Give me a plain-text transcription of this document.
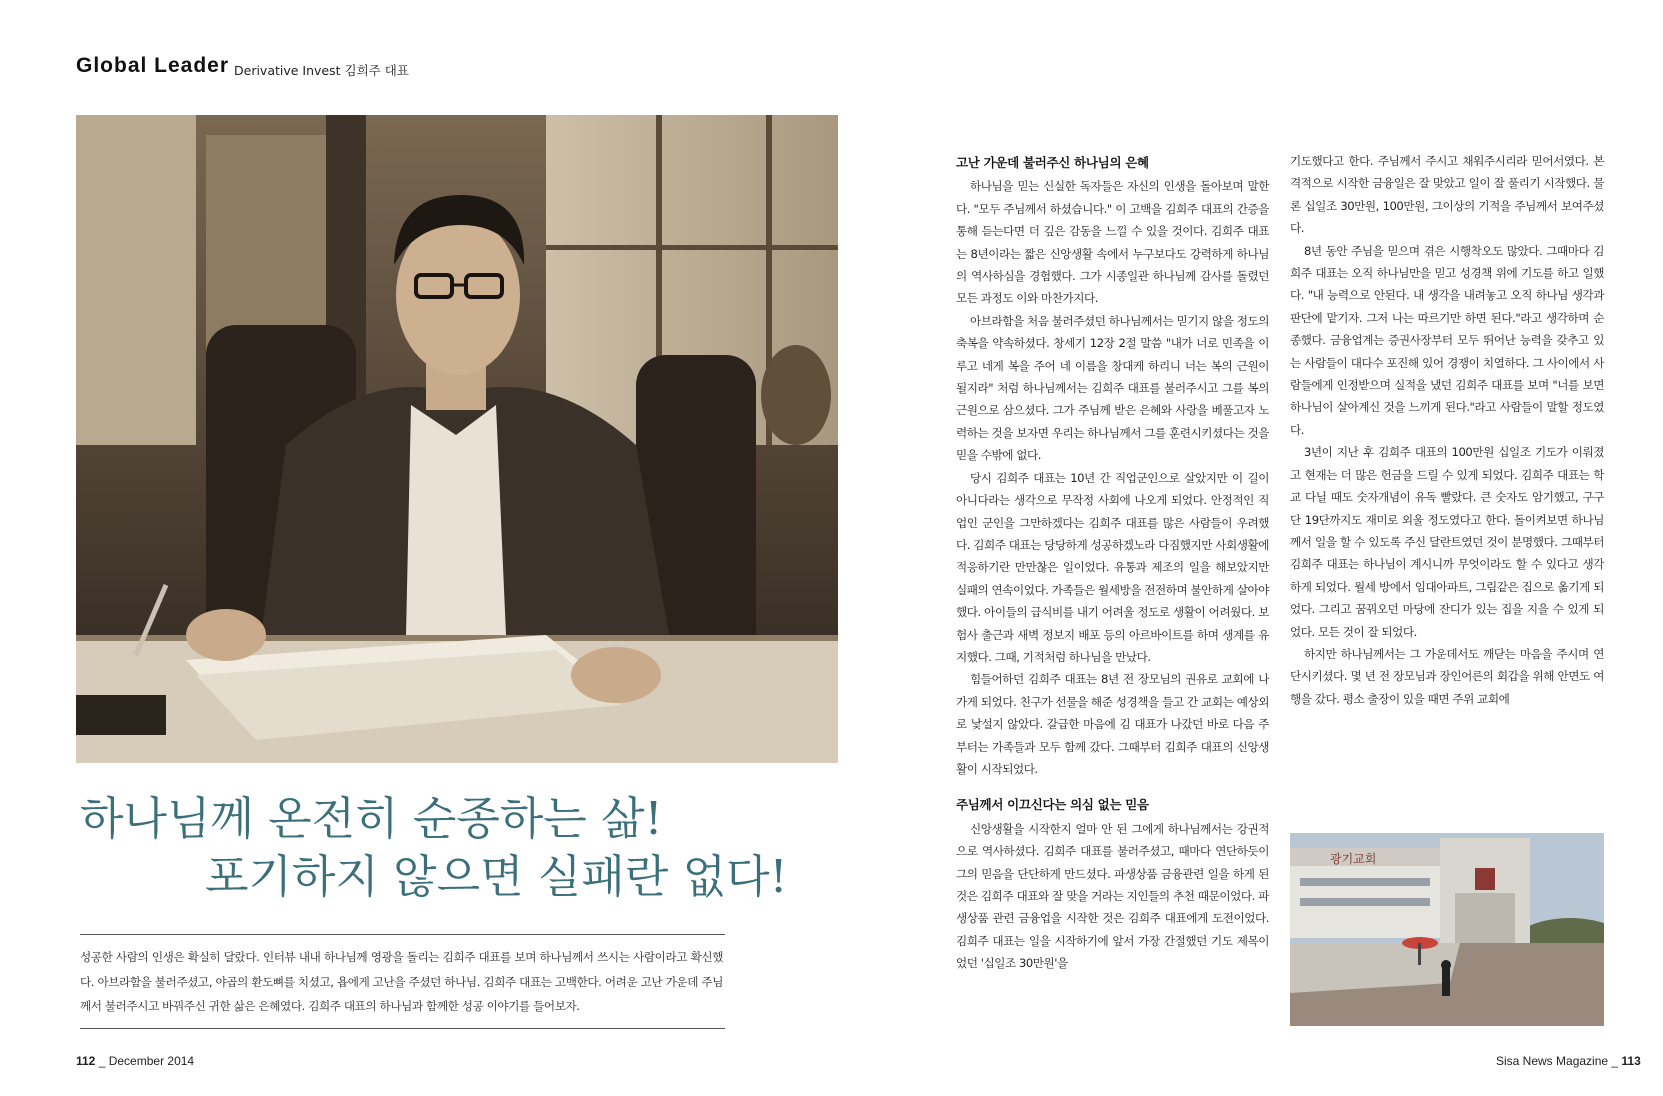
Global Leader Derivative Invest 김희주 대표
하나님께 온전히 순종하는 삶!
포기하지 않으면 실패란 없다!
성공한 사람의 인생은 확실히 달랐다. 인터뷰 내내 하나님께 영광을 돌리는 김희주 대표를 보며 하나님께서 쓰시는 사람이라고 확신했다. 아브라함을 불러주셨고, 야곱의 환도뼈를 치셨고, 욥에게 고난을 주셨던 하나님. 김희주 대표는 고백한다. 어려운 고난 가운데 주님께서 불러주시고 바꿔주신 귀한 삶은 은혜였다. 김희주 대표의 하나님과 함께한 성공 이야기를 들어보자.
112 _ December 2014	Sisa News Magazine _ 113
고난 가운데 불러주신 하나님의 은혜

하나님을 믿는 신실한 독자들은 자신의 인생을 돌아보며 말한다. "모두 주님께서 하셨습니다." 이 고백을 김희주 대표의 간증을 통해 듣는다면 더 깊은 감동을 느낄 수 있을 것이다. 김희주 대표는 8년이라는 짧은 신앙생활 속에서 누구보다도 강력하게 하나님의 역사하심을 경험했다. 그가 시종일관 하나님께 감사를 돌렸던 모든 과정도 이와 마찬가지다.

아브라함을 처음 불러주셨던 하나님께서는 믿기지 않을 정도의 축복을 약속하셨다. 창세기 12장 2절 말씀 "내가 너로 민족을 이루고 네게 복을 주어 네 이름을 창대케 하리니 너는 복의 근원이 될지라" 처럼 하나님께서는 김희주 대표를 불러주시고 그를 복의 근원으로 삼으셨다. 그가 주님께 받은 은혜와 사랑을 베풀고자 노력하는 것을 보자면 우리는 하나님께서 그를 훈련시키셨다는 것을 믿을 수밖에 없다.

당시 김희주 대표는 10년 간 직업군인으로 살았지만 이 길이 아니다라는 생각으로 무작정 사회에 나오게 되었다. 안정적인 직업인 군인을 그만하겠다는 김희주 대표를 많은 사람들이 우려했다. 김희주 대표는 당당하게 성공하겠노라 다짐했지만 사회생활에 적응하기란 만만찮은 일이었다. 유통과 제조의 일을 해보았지만 실패의 연속이었다. 가족들은 월세방을 전전하며 불안하게 살아야했다. 아이들의 급식비를 내기 어려울 정도로 생활이 어려웠다. 보험사 출근과 새벽 정보지 배포 등의 아르바이트를 하며 생계를 유지했다. 그때, 기적처럼 하나님을 만났다.

힘들어하던 김희주 대표는 8년 전 장모님의 권유로 교회에 나가게 되었다. 친구가 선물을 해준 성경책을 들고 간 교회는 예상외로 낯설지 않았다. 갈급한 마음에 김 대표가 나갔던 바로 다음 주부터는 가족들과 모두 함께 갔다. 그때부터 김희주 대표의 신앙생활이 시작되었다.

주님께서 이끄신다는 의심 없는 믿음

신앙생활을 시작한지 얼마 안 된 그에게 하나님께서는 강권적으로 역사하셨다. 김희주 대표를 불러주셨고, 때마다 연단하듯이 그의 믿음을 단단하게 만드셨다. 파생상품 금융관련 일을 하게 된 것은 김희주 대표와 잘 맞을 거라는 지인들의 추천 때문이었다. 파생상품 관련 금융업을 시작한 것은 김희주 대표에게 도전이었다. 김희주 대표는 일을 시작하기에 앞서 가장 간절했던 기도 제목이었던 '십일조 30만원'을

기도했다고 한다. 주님께서 주시고 채워주시리라 믿어서였다. 본격적으로 시작한 금융일은 잘 맞았고 일이 잘 풀리기 시작했다. 물론 십일조 30만원, 100만원, 그이상의 기적을 주님께서 보여주셨다.

8년 동안 주님을 믿으며 겪은 시행착오도 많았다. 그때마다 김희주 대표는 오직 하나님만을 믿고 성경책 위에 기도를 하고 일했다. "내 능력으로 안된다. 내 생각을 내려놓고 오직 하나님 생각과 판단에 맡기자. 그저 나는 따르기만 하면 된다."라고 생각하며 순종했다. 금융업계는 증권사장부터 모두 뛰어난 능력을 갖추고 있는 사람들이 대다수 포진해 있어 경쟁이 치열하다. 그 사이에서 사람들에게 인정받으며 실적을 냈던 김희주 대표를 보며 "너를 보면 하나님이 살아계신 것을 느끼게 된다."라고 사람들이 말할 정도였다.

3년이 지난 후 김희주 대표의 100만원 십일조 기도가 이뤄졌고 현재는 더 많은 헌금을 드릴 수 있게 되었다. 김희주 대표는 학교 다닐 때도 숫자개념이 유독 빨랐다. 큰 숫자도 암기했고, 구구단 19단까지도 재미로 외울 정도였다고 한다. 돌이켜보면 하나님께서 일을 할 수 있도록 주신 달란트였던 것이 분명했다. 그때부터 김희주 대표는 하나님이 계시니까 무엇이라도 할 수 있다고 생각하게 되었다. 월세 방에서 임대아파트, 그림같은 집으로 옮기게 되었다. 그리고 꿈꿔오던 마당에 잔디가 있는 집을 지을 수 있게 되었다. 모든 것이 잘 되었다.

하지만 하나님께서는 그 가운데서도 깨닫는 마음을 주시며 연단시키셨다. 몇 년 전 장모님과 장인어른의 회갑을 위해 안면도 여행을 갔다. 평소 출장이 있을 때면 주위 교회에

광기교회
